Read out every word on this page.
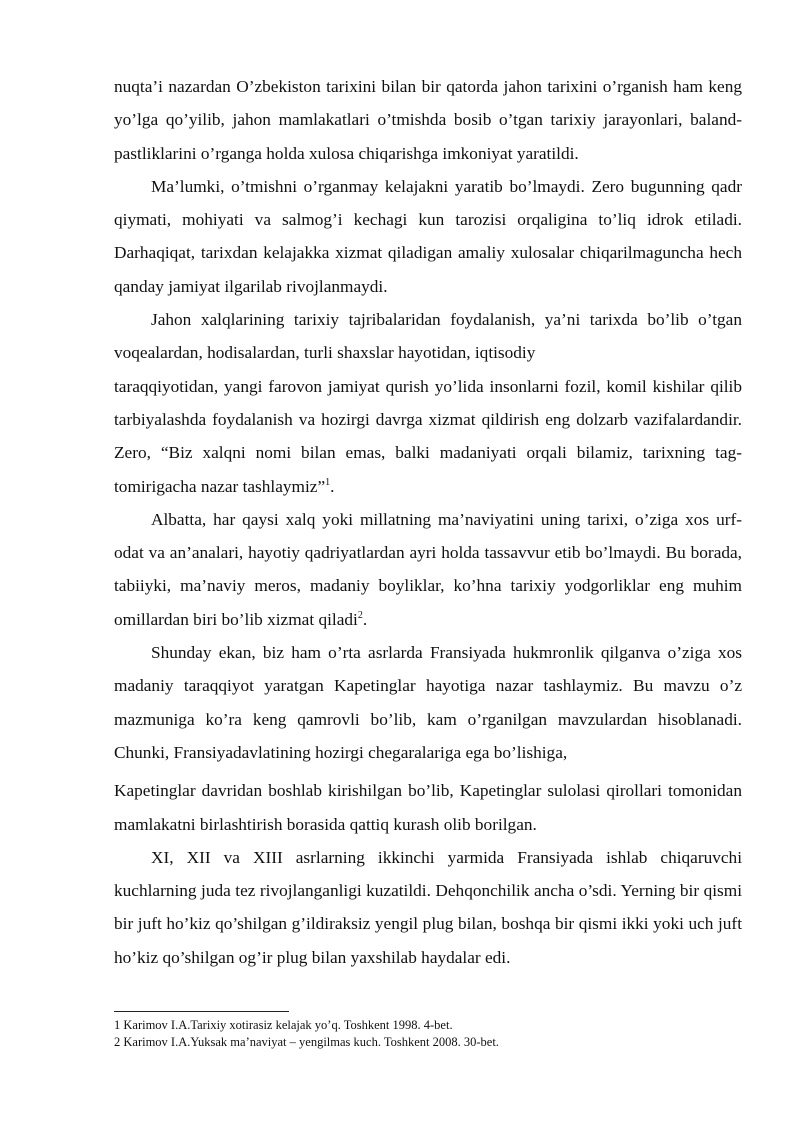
nuqta’i nazardan O’zbekiston tarixini bilan bir qatorda jahon tarixini o’rganish ham keng yo’lga qo’yilib, jahon mamlakatlari o’tmishda bosib o’tgan tarixiy jarayonlari, baland-pastliklarini o’rganga holda xulosa chiqarishga imkoniyat yaratildi.

Ma’lumki, o’tmishni o’rganmay kelajakni yaratib bo’lmaydi. Zero bugunning qadr qiymati, mohiyati va salmog’i kechagi kun tarozisi orqaligina to’liq idrok etiladi. Darhaqiqat, tarixdan kelajakka xizmat qiladigan amaliy xulosalar chiqarilmaguncha hech qanday jamiyat ilgarilab rivojlanmaydi.

Jahon xalqlarining tarixiy tajribalaridan foydalanish, ya’ni tarixda bo’lib o’tgan voqealardan, hodisalardan, turli shaxslar hayotidan, iqtisodiy

taraqqiyotidan, yangi farovon jamiyat qurish yo’lida insonlarni fozil, komil kishilar qilib tarbiyalashda foydalanish va hozirgi davrga xizmat qildirish eng dolzarb vazifalardandir. Zero, “Biz xalqni nomi bilan emas, balki madaniyati orqali bilamiz, tarixning tag-tomirigacha nazar tashlaymiz”$^1$.

Albatta, har qaysi xalq yoki millatning ma’naviyatini uning tarixi, o’ziga xos urf-odat va an’analari, hayotiy qadriyatlardan ayri holda tassavvur etib bo’lmaydi. Bu borada, tabiiyki, ma’naviy meros, madaniy boyliklar, ko’hna tarixiy yodgorliklar eng muhim omillardan biri bo’lib xizmat qiladi$^2$.

Shunday ekan, biz ham o’rta asrlarda Fransiyada hukmronlik qilganva o’ziga xos madaniy taraqqiyot yaratgan Kapetinglar hayotiga nazar tashlaymiz. Bu mavzu o’z mazmuniga ko’ra keng qamrovli bo’lib, kam o’rganilgan mavzulardan hisoblanadi. Chunki, Fransiyadavlatining hozirgi chegaralariga ega bo’lishiga,

Kapetinglar davridan boshlab kirishilgan bo’lib, Kapetinglar sulolasi qirollari tomonidan mamlakatni birlashtirish borasida qattiq kurash olib borilgan.

XI, XII va XIII asrlarning ikkinchi yarmida Fransiyada ishlab chiqaruvchi kuchlarning juda tez rivojlanganligi kuzatildi. Dehqonchilik ancha o’sdi. Yerning bir qismi bir juft ho’kiz qo’shilgan g’ildiraksiz yengil plug bilan, boshqa bir qismi ikki yoki uch juft ho’kiz qo’shilgan og’ir plug bilan yaxshilab haydalar edi.

1 Karimov I.A.Tarixiy xotirasiz kelajak yo’q. Toshkent 1998. 4-bet.

2 Karimov I.A.Yuksak ma’naviyat – yengilmas kuch. Toshkent 2008. 30-bet.
